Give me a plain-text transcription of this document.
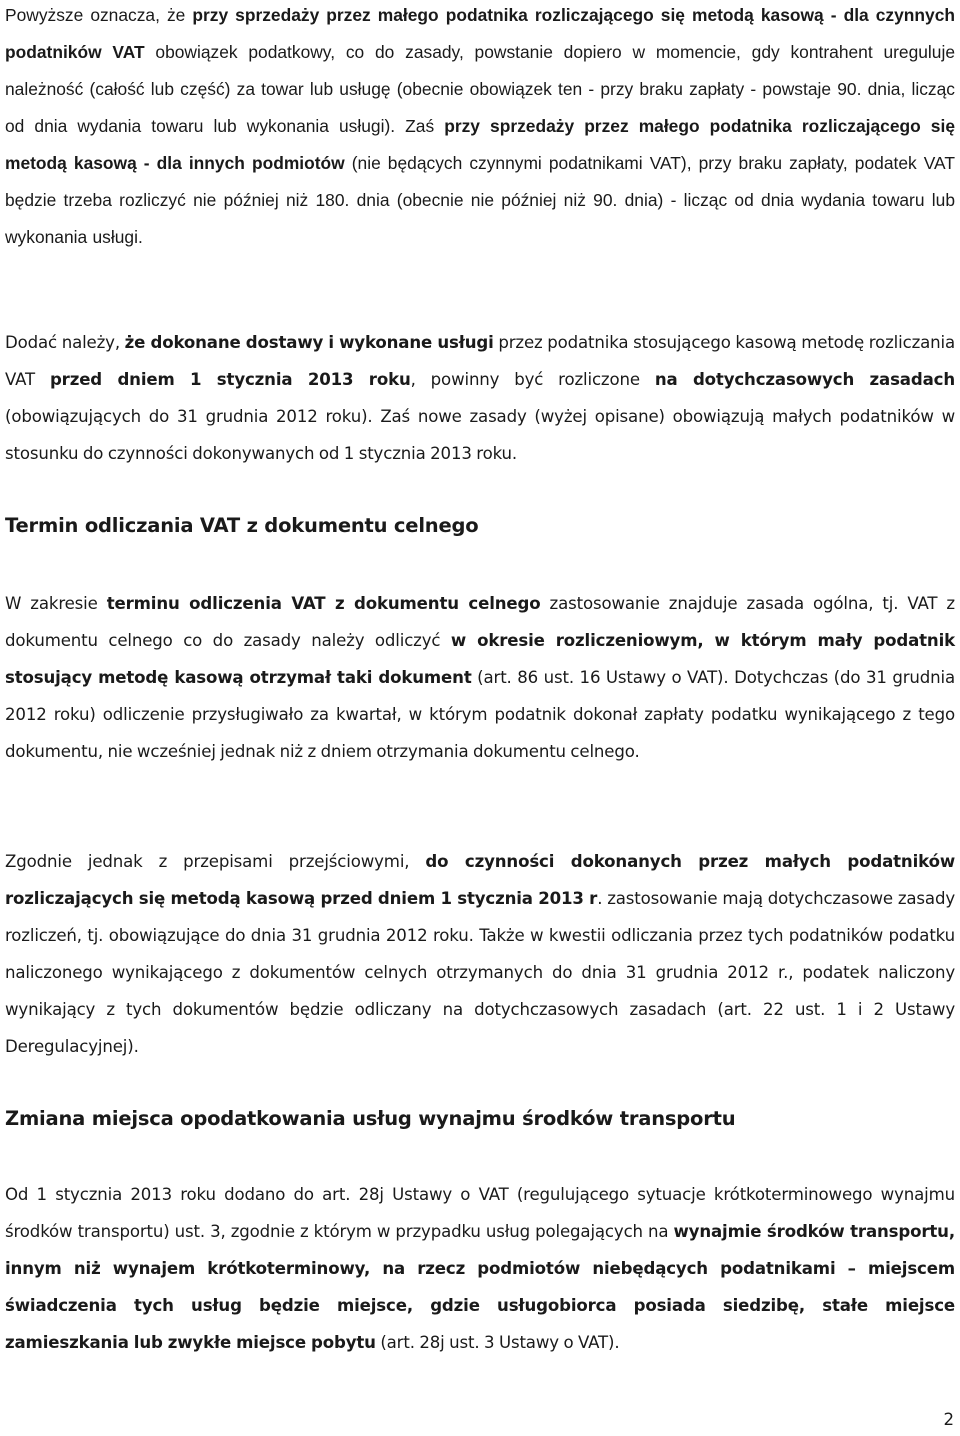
Powyższe oznacza, że przy sprzedaży przez małego podatnika rozliczającego się metodą kasową - dla czynnych podatników VAT obowiązek podatkowy, co do zasady, powstanie dopiero w momencie, gdy kontrahent ureguluje należność (całość lub część) za towar lub usługę (obecnie obowiązek ten - przy braku zapłaty - powstaje 90. dnia, licząc od dnia wydania towaru lub wykonania usługi). Zaś przy sprzedaży przez małego podatnika rozliczającego się metodą kasową - dla innych podmiotów (nie będących czynnymi podatnikami VAT), przy braku zapłaty, podatek VAT będzie trzeba rozliczyć nie później niż 180. dnia (obecnie nie później niż 90. dnia) - licząc od dnia wydania towaru lub wykonania usługi.

Dodać należy, że dokonane dostawy i wykonane usługi przez podatnika stosującego kasową metodę rozliczania VAT przed dniem 1 stycznia 2013 roku, powinny być rozliczone na dotychczasowych zasadach (obowiązujących do 31 grudnia 2012 roku). Zaś nowe zasady (wyżej opisane) obowiązują małych podatników w stosunku do czynności dokonywanych od 1 stycznia 2013 roku.

Termin odliczania VAT z dokumentu celnego

W zakresie terminu odliczenia VAT z dokumentu celnego zastosowanie znajduje zasada ogólna, tj. VAT z dokumentu celnego co do zasady należy odliczyć w okresie rozliczeniowym, w którym mały podatnik stosujący metodę kasową otrzymał taki dokument (art. 86 ust. 16 Ustawy o VAT). Dotychczas (do 31 grudnia 2012 roku) odliczenie przysługiwało za kwartał, w którym podatnik dokonał zapłaty podatku wynikającego z tego dokumentu, nie wcześniej jednak niż z dniem otrzymania dokumentu celnego.

Zgodnie jednak z przepisami przejściowymi, do czynności dokonanych przez małych podatników rozliczających się metodą kasową przed dniem 1 stycznia 2013 r. zastosowanie mają dotychczasowe zasady rozliczeń, tj. obowiązujące do dnia 31 grudnia 2012 roku. Także w kwestii odliczania przez tych podatników podatku naliczonego wynikającego z dokumentów celnych otrzymanych do dnia 31 grudnia 2012 r., podatek naliczony wynikający z tych dokumentów będzie odliczany na dotychczasowych zasadach (art. 22 ust. 1 i 2 Ustawy Deregulacyjnej).

Zmiana miejsca opodatkowania usług wynajmu środków transportu

Od 1 stycznia 2013 roku dodano do art. 28j Ustawy o VAT (regulującego sytuacje krótkoterminowego wynajmu środków transportu) ust. 3, zgodnie z którym w przypadku usług polegających na wynajmie środków transportu, innym niż wynajem krótkoterminowy, na rzecz podmiotów niebędących podatnikami – miejscem świadczenia tych usług będzie miejsce, gdzie usługobiorca posiada siedzibę, stałe miejsce zamieszkania lub zwykłe miejsce pobytu (art. 28j ust. 3 Ustawy o VAT).

2
